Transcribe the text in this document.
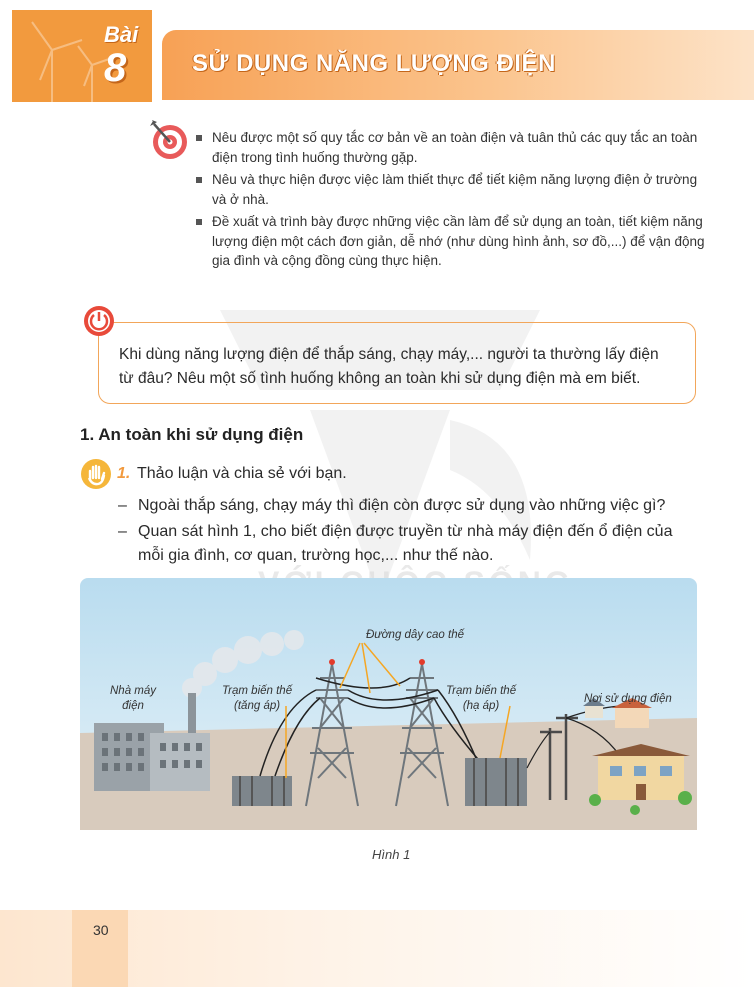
Bài
8	SỬ DỤNG NĂNG LƯỢNG ĐIỆN
Nêu được một số quy tắc cơ bản về an toàn điện và tuân thủ các quy tắc an toàn điện trong tình huống thường gặp.
Nêu và thực hiện được việc làm thiết thực để tiết kiệm năng lượng điện ở trường và ở nhà.
Đề xuất và trình bày được những việc cần làm để sử dụng an toàn, tiết kiệm năng lượng điện một cách đơn giản, dễ nhớ (như dùng hình ảnh, sơ đồ,...) để vận động gia đình và cộng đồng cùng thực hiện.
Khi dùng năng lượng điện để thắp sáng, chạy máy,... người ta thường lấy điện từ đâu? Nêu một số tình huống không an toàn khi sử dụng điện mà em biết.
1. An toàn khi sử dụng điện
1. Thảo luận và chia sẻ với bạn.
– Ngoài thắp sáng, chạy máy thì điện còn được sử dụng vào những việc gì?
– Quan sát hình 1, cho biết điện được truyền từ nhà máy điện đến ổ điện của mỗi gia đình, cơ quan, trường học,... như thế nào.
Nhà máy
điện
Trạm biến thế
(tăng áp)
Đường dây cao thế
Trạm biến thế
(hạ áp)
Nơi sử dụng điện
Hình 1
30
